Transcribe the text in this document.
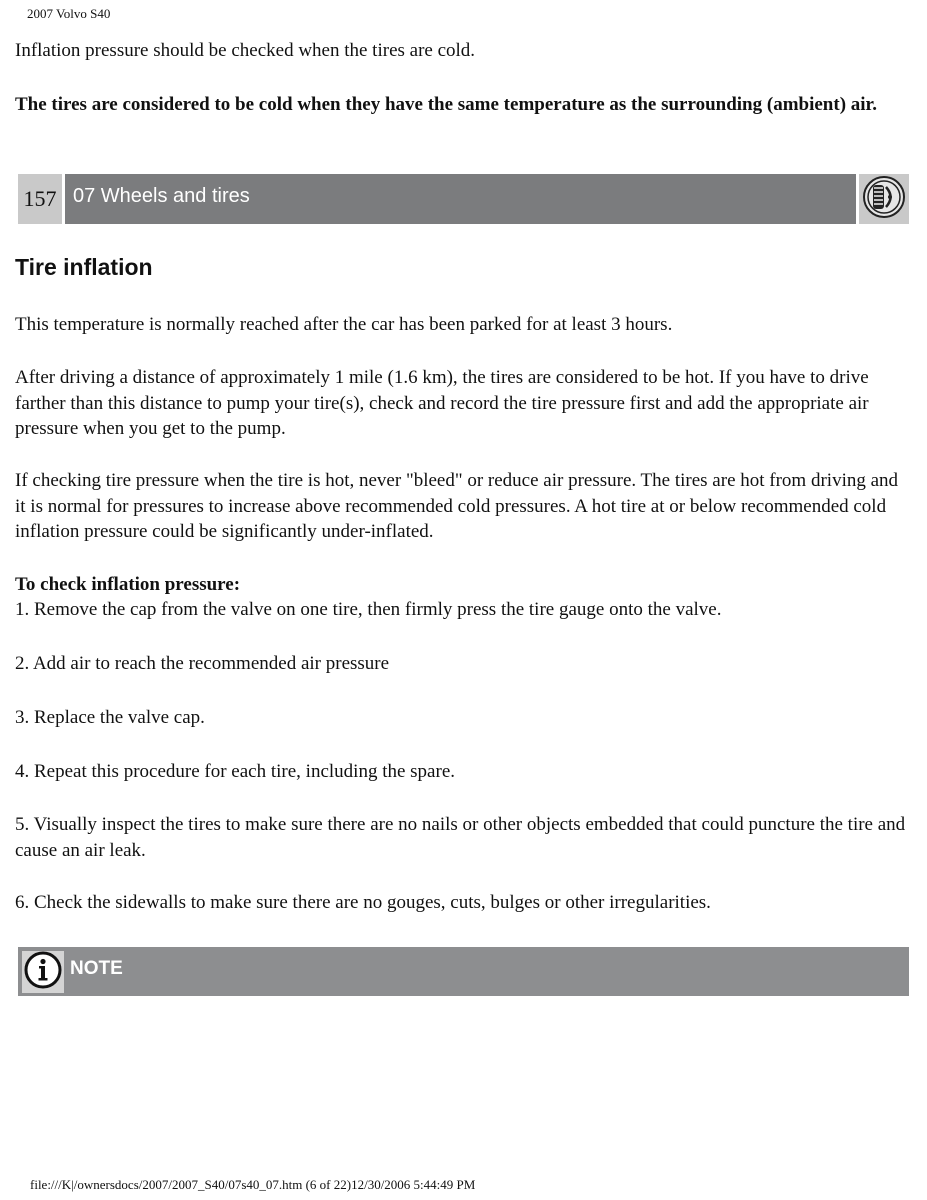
2007 Volvo S40

Inflation pressure should be checked when the tires are cold.

The tires are considered to be cold when they have the same temperature as the surrounding (ambient) air.

157 07 Wheels and tires
Tire inflation

This temperature is normally reached after the car has been parked for at least 3 hours.

After driving a distance of approximately 1 mile (1.6 km), the tires are considered to be hot. If you have to drive farther than this distance to pump your tire(s), check and record the tire pressure first and add the appropriate air pressure when you get to the pump.

If checking tire pressure when the tire is hot, never "bleed" or reduce air pressure. The tires are hot from driving and it is normal for pressures to increase above recommended cold pressures. A hot tire at or below recommended cold inflation pressure could be significantly under-inflated.

To check inflation pressure:

1. Remove the cap from the valve on one tire, then firmly press the tire gauge onto the valve.

2. Add air to reach the recommended air pressure

3. Replace the valve cap.

4. Repeat this procedure for each tire, including the spare.

5. Visually inspect the tires to make sure there are no nails or other objects embedded that could puncture the tire and cause an air leak.

6. Check the sidewalls to make sure there are no gouges, cuts, bulges or other irregularities.

NOTE
file:///K|/ownersdocs/2007/2007_S40/07s40_07.htm (6 of 22)12/30/2006 5:44:49 PM
